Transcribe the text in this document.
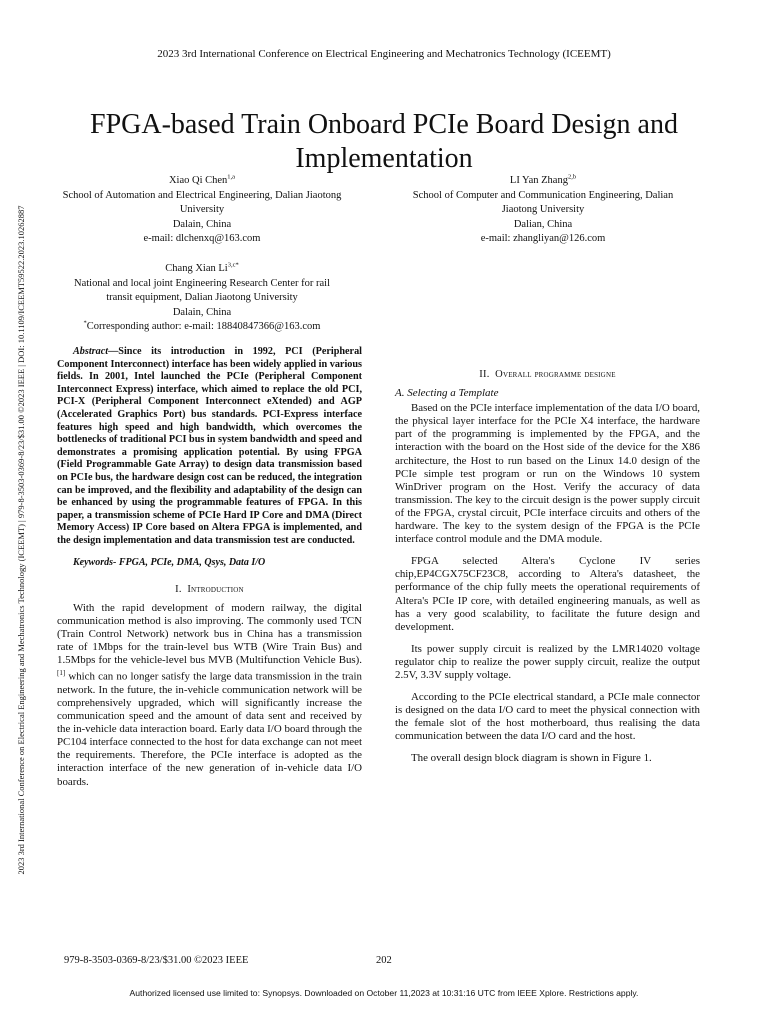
2023 3rd International Conference on Electrical Engineering and Mechatronics Technology (ICEEMT)
2023 3rd International Conference on Electrical Engineering and Mechatronics Technology (ICEEMT) | 979-8-3503-0369-8/23/$31.00 ©2023 IEEE | DOI: 10.1109/ICEEMT59522.2023.10262887
FPGA-based Train Onboard PCIe Board Design and Implementation
Xiao Qi Chen$^{1,a}$
School of Automation and Electrical Engineering, Dalian Jiaotong University
Dalain, China
e-mail: dlchenxq@163.com
LI Yan Zhang$^{2,b}$
School of Computer and Communication Engineering, Dalian Jiaotong University
Dalian, China
e-mail: zhangliyan@126.com
Chang Xian $Li^{3,c*}$
National and local joint Engineering Research Center for rail transit equipment, Dalian Jiaotong University
Dalain, China
*Corresponding author: e-mail: 18840847366@163.com

Abstract—Since its introduction in 1992, PCI (Peripheral Component Interconnect) interface has been widely applied in various fields. In 2001, Intel launched the PCIe (Peripheral Component Interconnect Express) interface, which aimed to replace the old PCI, PCI-X (Peripheral Component Interconnect eXtended) and AGP (Accelerated Graphics Port) bus standards. PCI-Express interface features high speed and high bandwidth, which overcomes the bottlenecks of traditional PCI bus in system bandwidth and speed and demonstrates a promising application potential. By using FPGA (Field Programmable Gate Array) to design data transmission based on PCIe bus, the hardware design cost can be reduced, the integration can be improved, and the flexibility and adaptability of the design can be enhanced by using the programmable features of FPGA. In this paper, a transmission scheme of PCIe Hard IP Core and DMA (Direct Memory Access) IP Core based on Altera FPGA is implemented, and the design implementation and data transmission test are conducted.

Keywords- FPGA, PCIe, DMA, Qsys, Data I/O

I. Introduction

With the rapid development of modern railway, the digital communication method is also improving. The commonly used TCN (Train Control Network) network bus in China has a transmission rate of 1Mbps for the train-level bus WTB (Wire Train Bus) and 1.5Mbps for the vehicle-level bus MVB (Multifunction Vehicle Bus).[1] which can no longer satisfy the large data transmission in the train network. In the future, the in-vehicle communication network will be comprehensively upgraded, which will significantly increase the communication speed and the amount of data sent and received by the in-vehicle data interaction board. Early data I/O board through the PC104 interface connected to the host for data exchange can not meet the requirements. Therefore, the PCIe interface is adopted as the interaction interface of the new generation of in-vehicle data I/O boards.

II. Overall programme designe
A. Selecting a Template

Based on the PCIe interface implementation of the data I/O board, the physical layer interface for the PCIe X4 interface, the hardware part of the programming is implemented by the FPGA, and the interaction with the board on the Host side of the device for the X86 architecture, the Host to run based on the Linux 14.0 design of the PCIe simple test program or run on the Windows 10 system WinDriver program on the Host. Verify the accuracy of data transmission. The key to the circuit design is the power supply circuit of the FPGA, crystal circuit, PCIe interface circuits and others of the hardware. The key to the system design of the FPGA is the PCIe interface control module and the DMA module.

FPGA selected Altera's Cyclone IV series chip,EP4CGX75CF23C8, according to Altera's datasheet, the performance of the chip fully meets the operational requirements of Altera's PCIe IP core, with detailed engineering manuals, as well as has a very good scalability, to facilitate the future design and development.

Its power supply circuit is realized by the LMR14020 voltage regulator chip to realize the power supply circuit, realize the output 2.5V, 3.3V supply voltage.

According to the PCIe electrical standard, a PCIe male connector is designed on the data I/O card to meet the physical connection with the female slot of the host motherboard, thus realising the data communication between the data I/O card and the host.

The overall design block diagram is shown in Figure 1.

979-8-3503-0369-8/23/$31.00 ©2023 IEEE	202
Authorized licensed use limited to: Synopsys. Downloaded on October 11,2023 at 10:31:16 UTC from IEEE Xplore. Restrictions apply.
